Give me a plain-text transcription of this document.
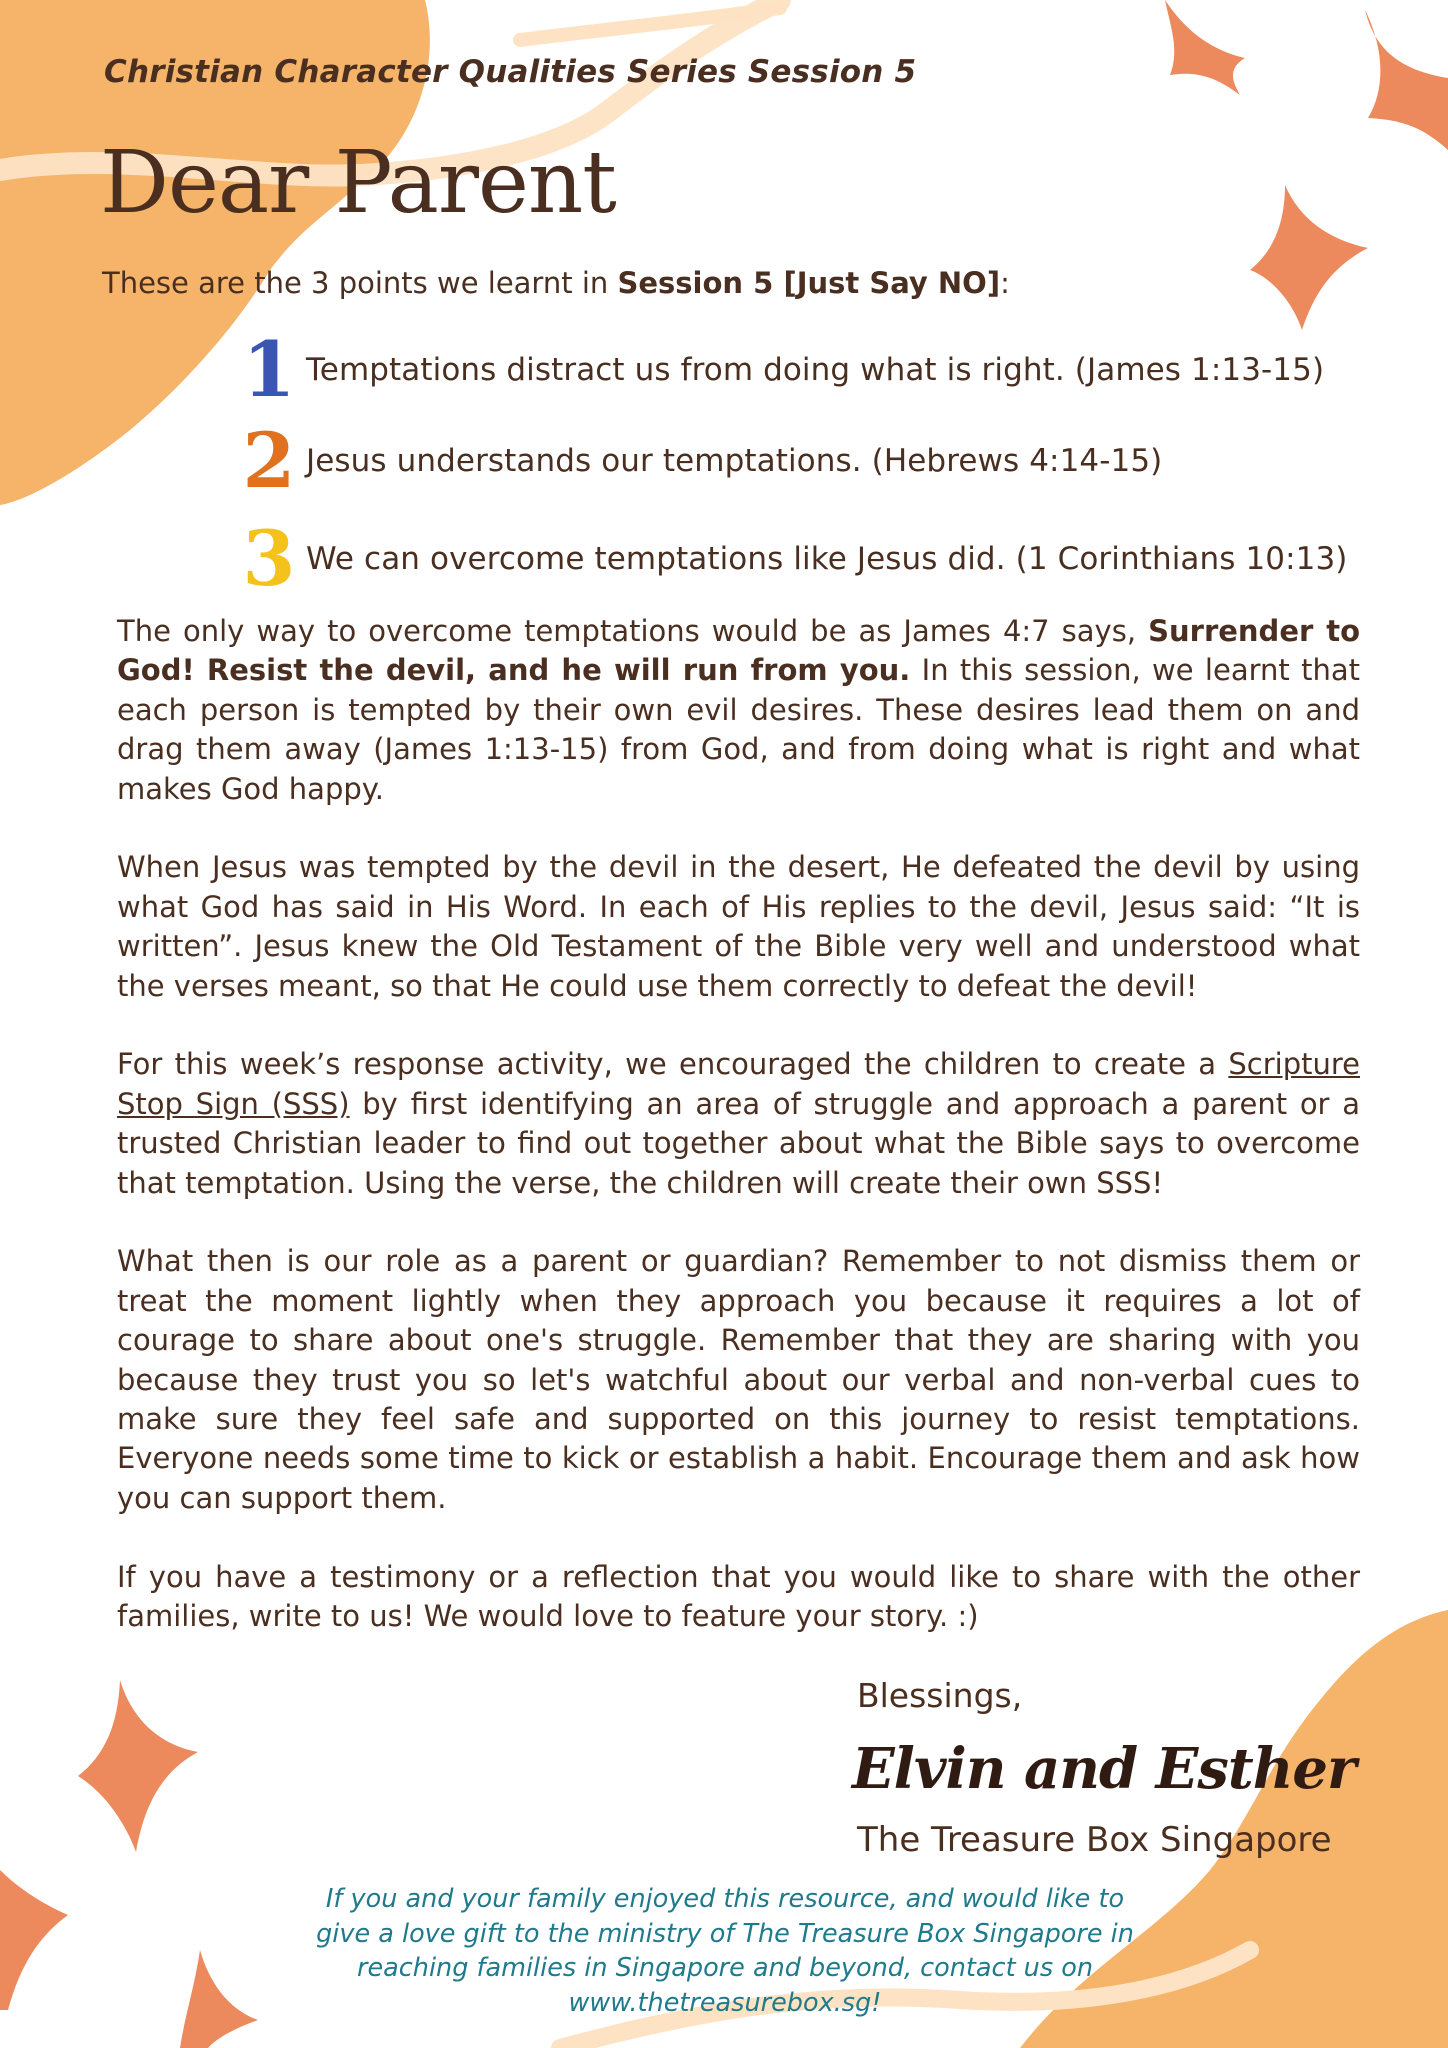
Christian Character Qualities Series Session 5
Dear Parent
These are the 3 points we learnt in Session 5 [Just Say NO]:
1 Temptations distract us from doing what is right. (James 1:13-15)
2 Jesus understands our temptations. (Hebrews 4:14-15)
3 We can overcome temptations like Jesus did. (1 Corinthians 10:13)

The only way to overcome temptations would be as James 4:7 says, Surrender to God! Resist the devil, and he will run from you. In this session, we learnt that each person is tempted by their own evil desires. These desires lead them on and drag them away (James 1:13-15) from God, and from doing what is right and what makes God happy.

When Jesus was tempted by the devil in the desert, He defeated the devil by using what God has said in His Word. In each of His replies to the devil, Jesus said: “It is written”. Jesus knew the Old Testament of the Bible very well and understood what the verses meant, so that He could use them correctly to defeat the devil!

For this week’s response activity, we encouraged the children to create a Scripture Stop Sign (SSS) by first identifying an area of struggle and approach a parent or a trusted Christian leader to find out together about what the Bible says to overcome that temptation. Using the verse, the children will create their own SSS!

What then is our role as a parent or guardian? Remember to not dismiss them or treat the moment lightly when they approach you because it requires a lot of courage to share about one's struggle. Remember that they are sharing with you because they trust you so let's watchful about our verbal and non-verbal cues to make sure they feel safe and supported on this journey to resist temptations. Everyone needs some time to kick or establish a habit. Encourage them and ask how you can support them.

If you have a testimony or a reflection that you would like to share with the other families, write to us! We would love to feature your story. :)

Blessings,
Elvin and Esther
The Treasure Box Singapore
If you and your family enjoyed this resource, and would like to
give a love gift to the ministry of The Treasure Box Singapore in
reaching families in Singapore and beyond, contact us on
www.thetreasurebox.sg!
